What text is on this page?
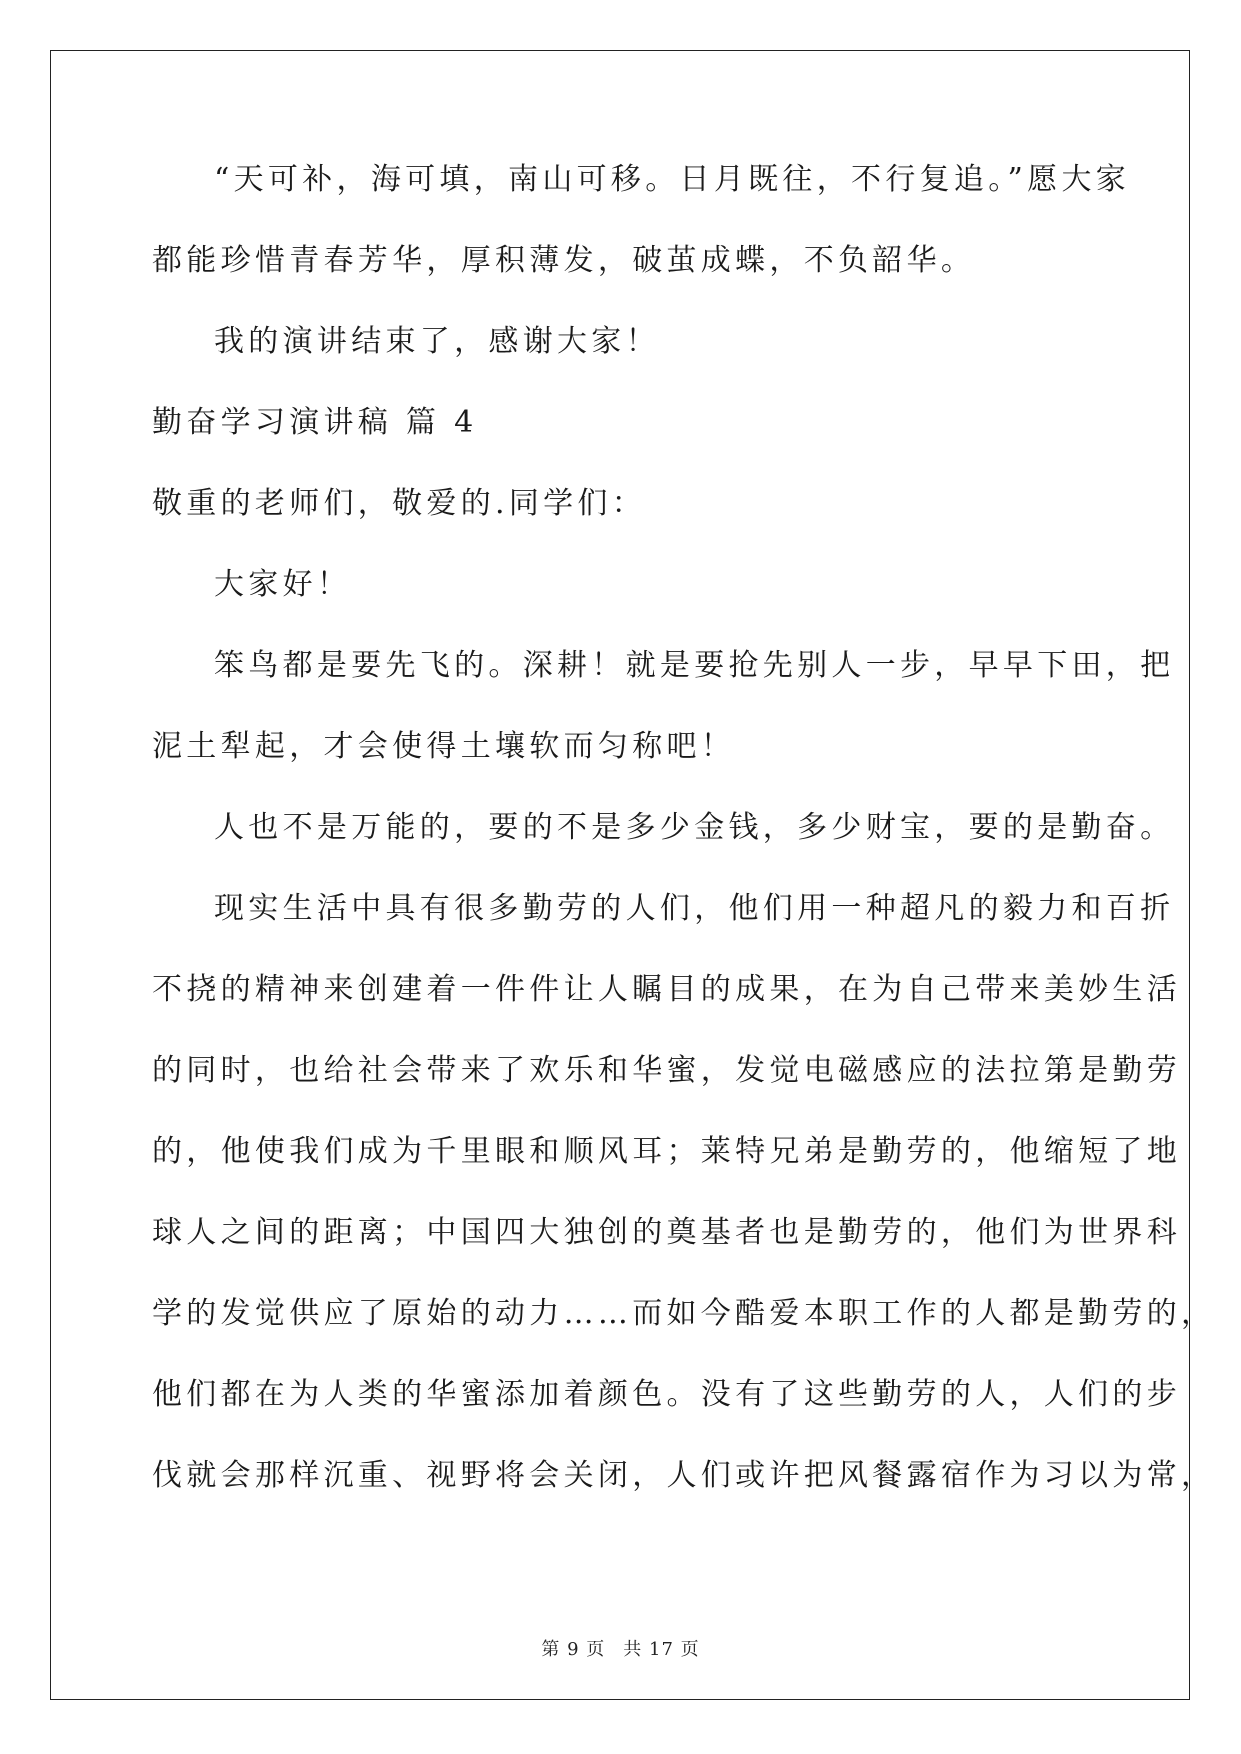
“天可补，海可填，南山可移。日月既往，不行复追。”愿大家
都能珍惜青春芳华，厚积薄发，破茧成蝶，不负韶华。
我的演讲结束了，感谢大家！
勤奋学习演讲稿 篇 4
敬重的老师们，敬爱的.同学们：
大家好！
笨鸟都是要先飞的。深耕！就是要抢先别人一步，早早下田，把
泥土犁起，才会使得土壤软而匀称吧！
人也不是万能的，要的不是多少金钱，多少财宝，要的是勤奋。
现实生活中具有很多勤劳的人们，他们用一种超凡的毅力和百折
不挠的精神来创建着一件件让人瞩目的成果，在为自己带来美妙生活
的同时，也给社会带来了欢乐和华蜜，发觉电磁感应的法拉第是勤劳
的，他使我们成为千里眼和顺风耳；莱特兄弟是勤劳的，他缩短了地
球人之间的距离；中国四大独创的奠基者也是勤劳的，他们为世界科
学的发觉供应了原始的动力……而如今酷爱本职工作的人都是勤劳的，
他们都在为人类的华蜜添加着颜色。没有了这些勤劳的人，人们的步
伐就会那样沉重、视野将会关闭，人们或许把风餐露宿作为习以为常，
第 9 页 共 17 页
